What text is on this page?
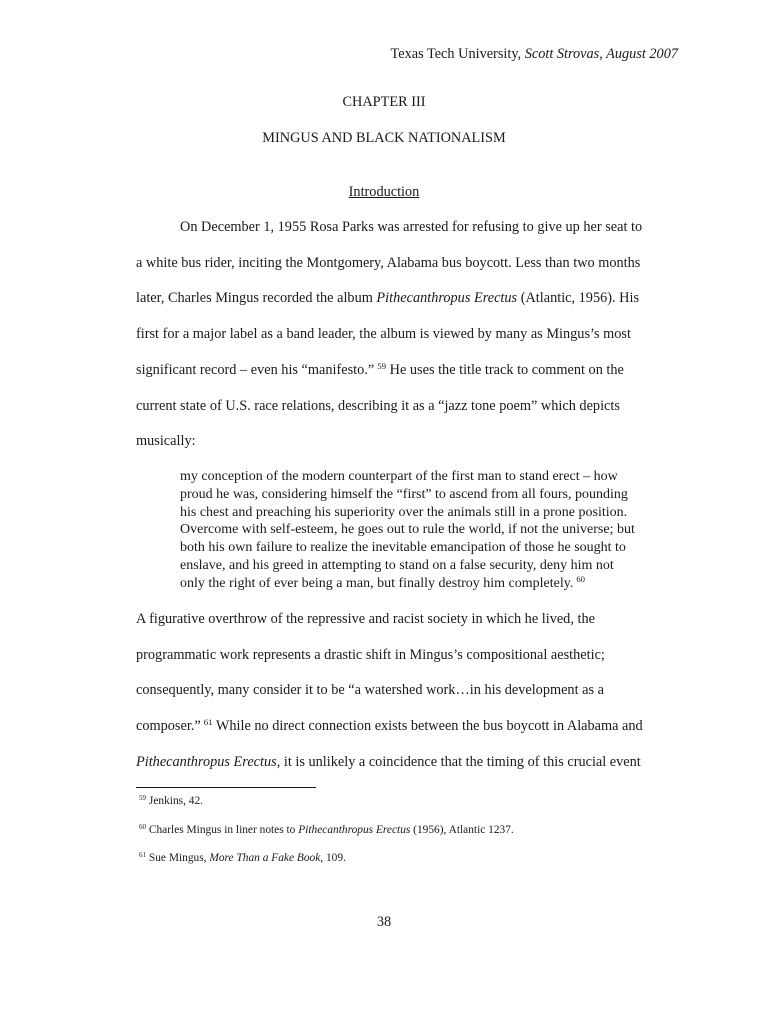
Texas Tech University, Scott Strovas, August 2007
CHAPTER III
MINGUS AND BLACK NATIONALISM
Introduction
On December 1, 1955 Rosa Parks was arrested for refusing to give up her seat to
a white bus rider, inciting the Montgomery, Alabama bus boycott. Less than two months
later, Charles Mingus recorded the album Pithecanthropus Erectus (Atlantic, 1956). His
first for a major label as a band leader, the album is viewed by many as Mingus’s most
significant record – even his “manifesto.” $^{59}$ He uses the title track to comment on the
current state of U.S. race relations, describing it as a “jazz tone poem” which depicts
musically:
my conception of the modern counterpart of the first man to stand erect – how
proud he was, considering himself the “first” to ascend from all fours, pounding
his chest and preaching his superiority over the animals still in a prone position.
Overcome with self-esteem, he goes out to rule the world, if not the universe; but
both his own failure to realize the inevitable emancipation of those he sought to
enslave, and his greed in attempting to stand on a false security, deny him not
only the right of ever being a man, but finally destroy him completely. $^{60}$
A figurative overthrow of the repressive and racist society in which he lived, the
programmatic work represents a drastic shift in Mingus’s compositional aesthetic;
consequently, many consider it to be “a watershed work…in his development as a
composer.” $^{61}$ While no direct connection exists between the bus boycott in Alabama and
Pithecanthropus Erectus, it is unlikely a coincidence that the timing of this crucial event
$^{59}$ Jenkins, 42.
$^{60}$ Charles Mingus in liner notes to Pithecanthropus Erectus (1956), Atlantic 1237.
$^{61}$ Sue Mingus, More Than a Fake Book, 109.
38
